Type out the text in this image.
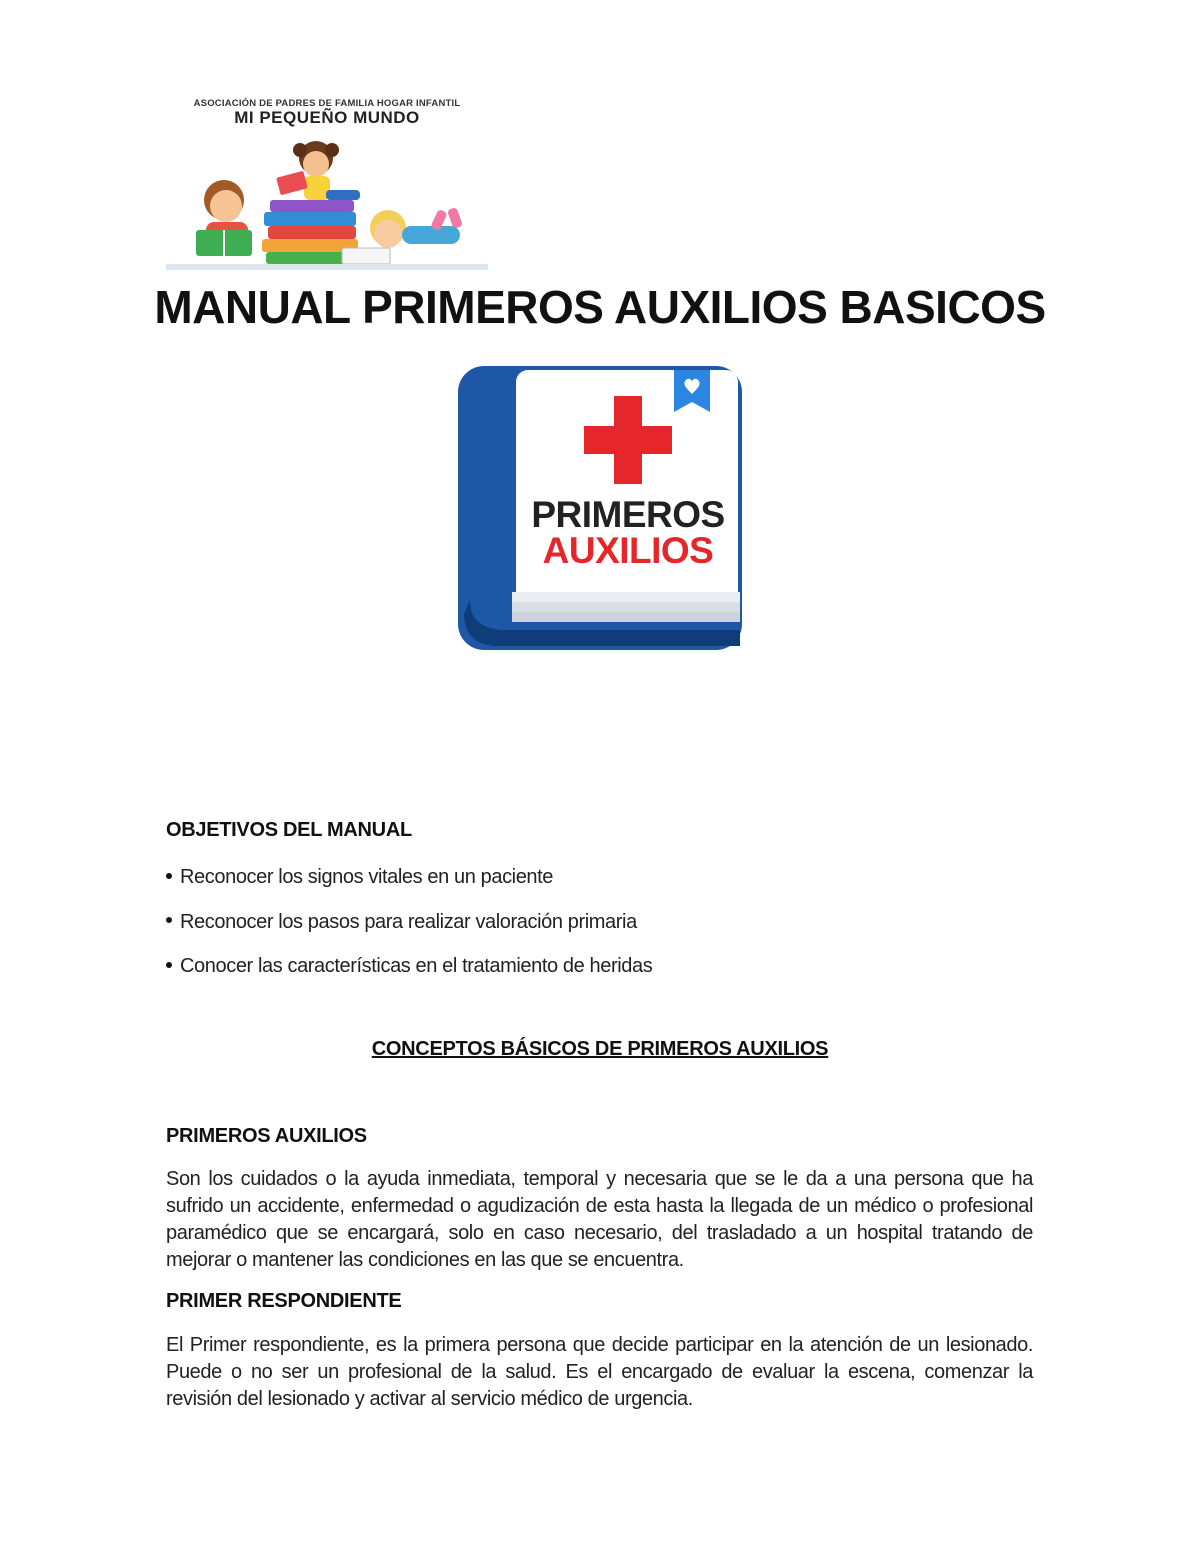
ASOCIACIÓN DE PADRES DE FAMILIA HOGAR INFANTIL
MI PEQUEÑO MUNDO
MANUAL PRIMEROS AUXILIOS BASICOS
PRIMEROS
AUXILIOS
OBJETIVOS DEL MANUAL
Reconocer los signos vitales en un paciente
Reconocer los pasos para realizar valoración primaria
Conocer las características en el tratamiento de heridas
CONCEPTOS BÁSICOS DE PRIMEROS AUXILIOS
PRIMEROS AUXILIOS

Son los cuidados o la ayuda inmediata, temporal y necesaria que se le da a una persona que ha sufrido un accidente, enfermedad o agudización de esta hasta la llegada de un médico o profesional paramédico que se encargará, solo en caso necesario, del trasladado a un hospital tratando de mejorar o mantener las condiciones en las que se encuentra.

PRIMER RESPONDIENTE

El Primer respondiente, es la primera persona que decide participar en la atención de un lesionado. Puede o no ser un profesional de la salud. Es el encargado de evaluar la escena, comenzar la revisión del lesionado y activar al servicio médico de urgencia.
